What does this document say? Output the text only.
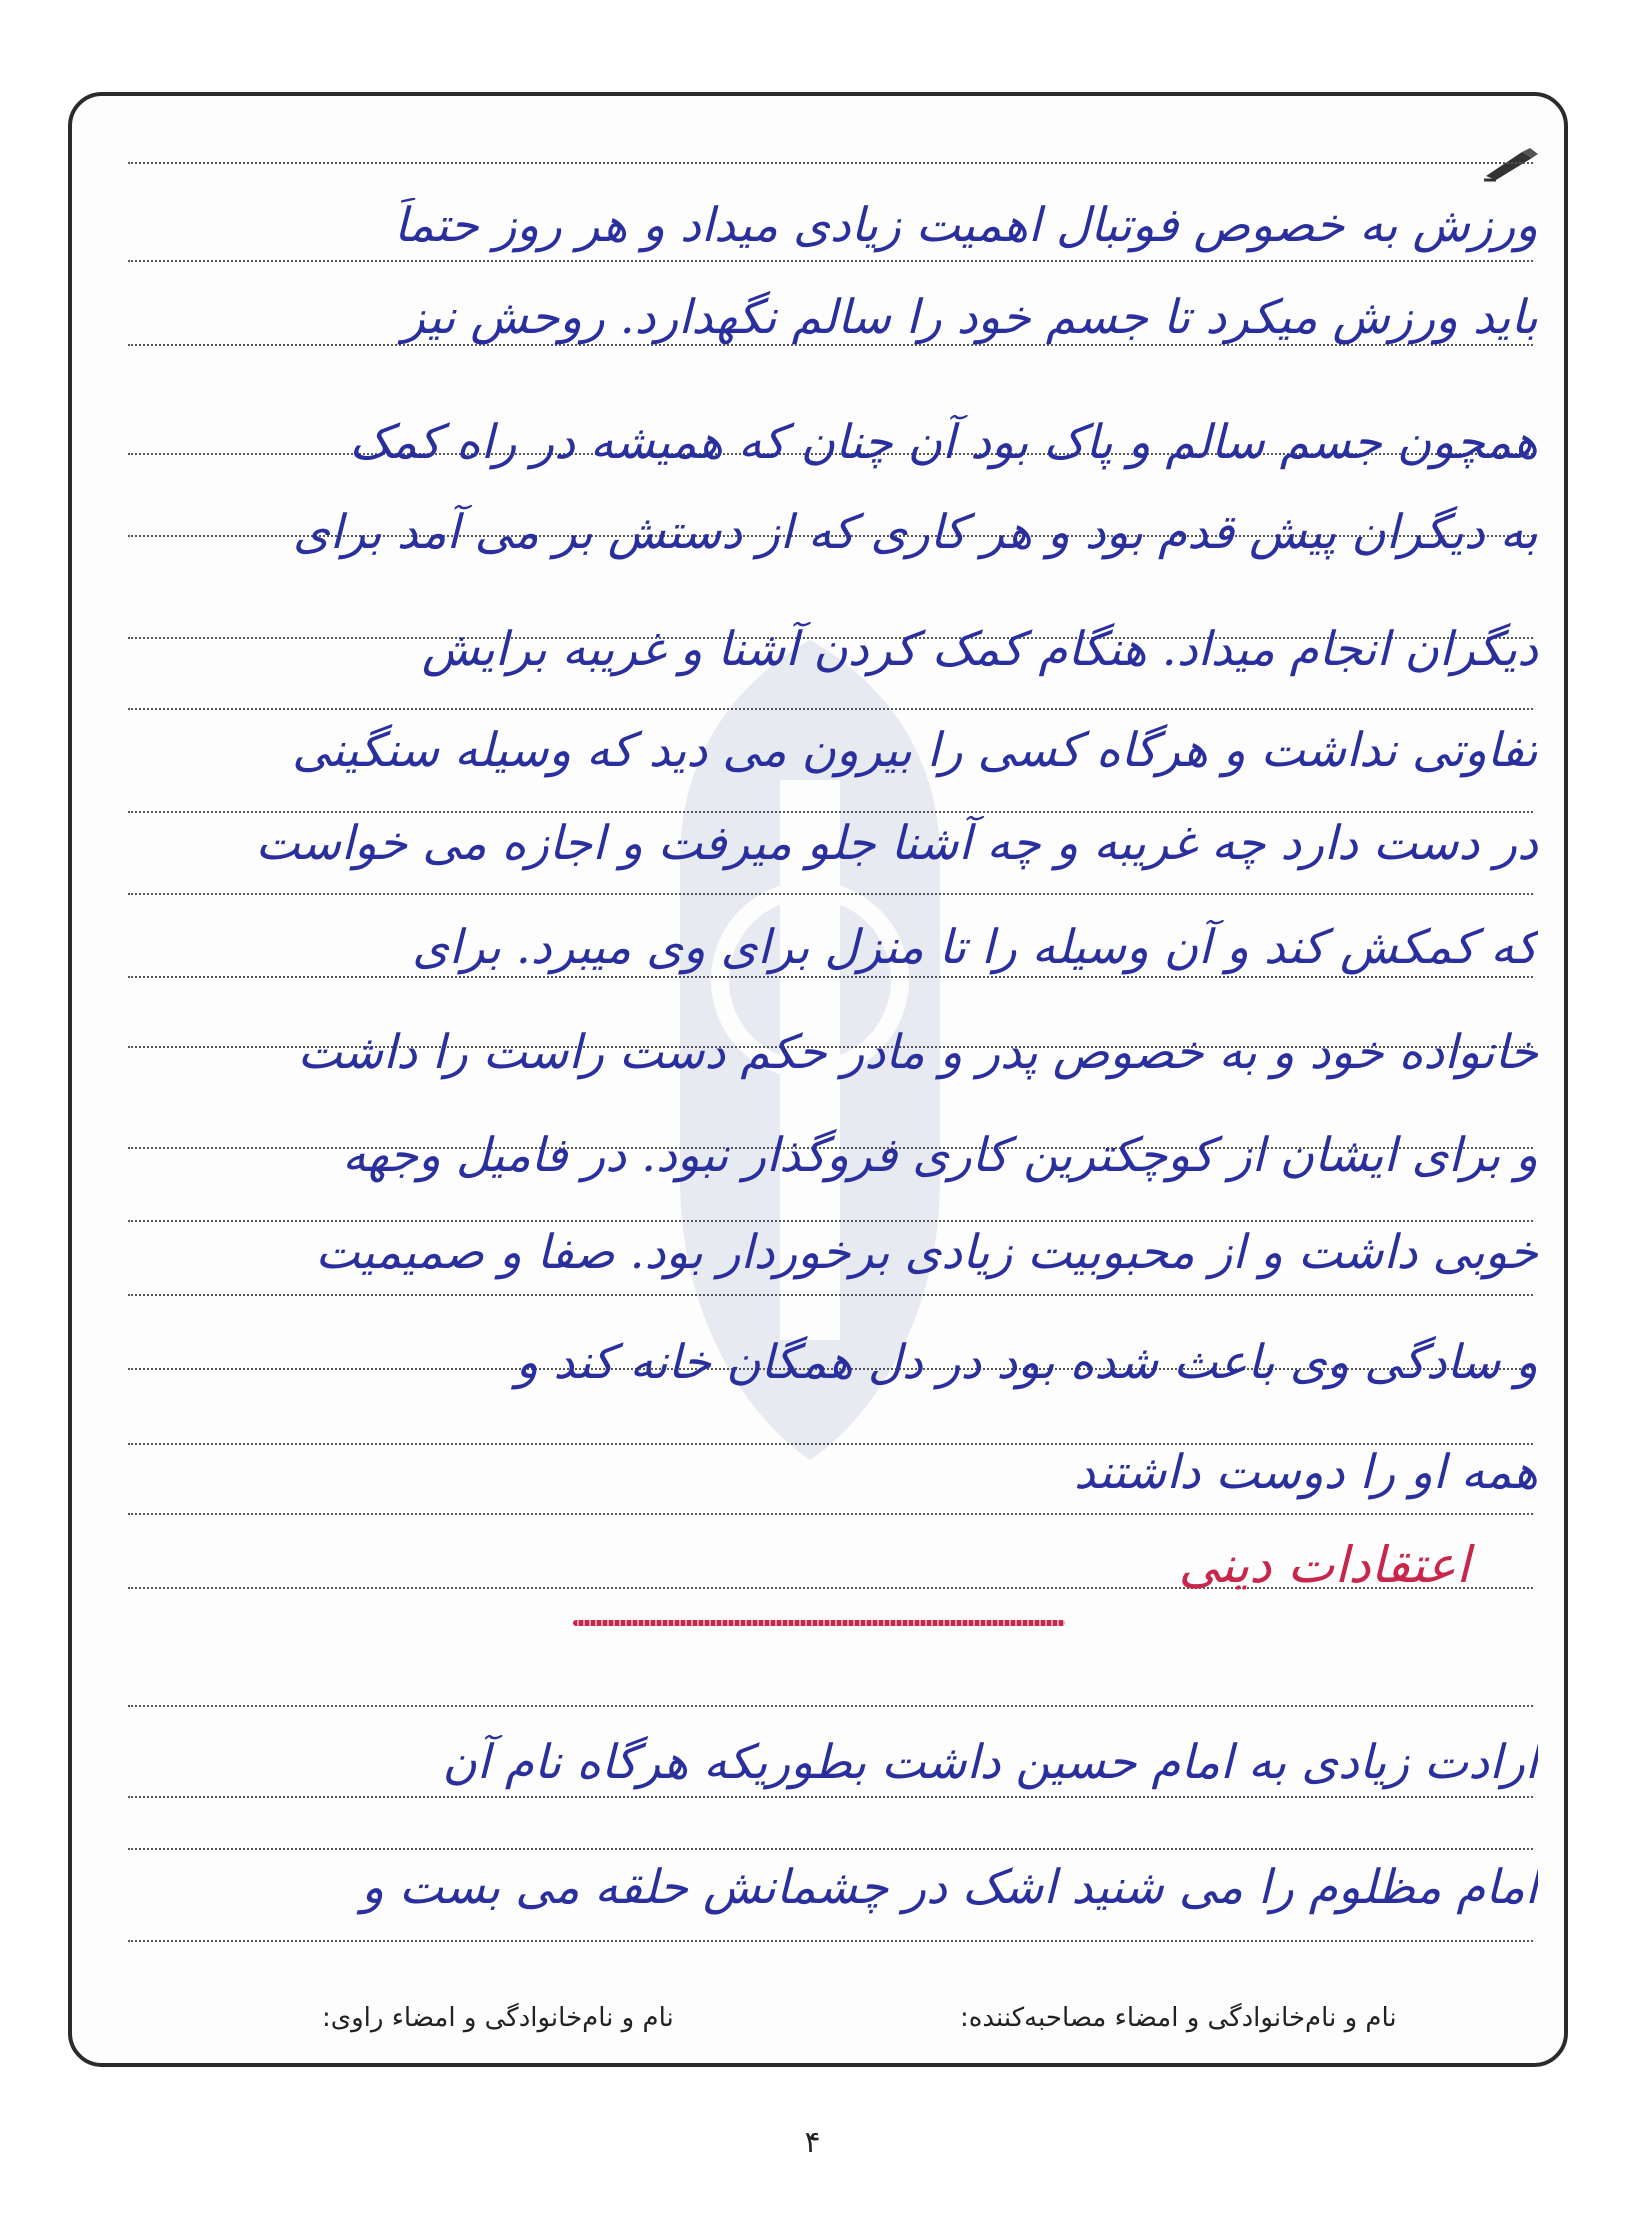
ورزش به خصوص فوتبال اهمیت زیادی میداد و هر روز حتماً
باید ورزش میکرد تا جسم خود را سالم نگهدارد. روحش نیز
همچون جسم سالم و پاک بود آن چنان که همیشه در راه کمک
به دیگران پیش قدم بود و هر کاری که از دستش بر می آمد برای
دیگران انجام میداد. هنگام کمک کردن آشنا و غریبه برایش
تفاوتی نداشت و هرگاه کسی را بیرون می دید که وسیله سنگینی
در دست دارد چه غریبه و چه آشنا جلو میرفت و اجازه می خواست
که کمکش کند و آن وسیله را تا منزل برای وی میبرد. برای
خانواده خود و به خصوص پدر و مادر حکم دست راست را داشت
و برای ایشان از کوچکترین کاری فروگذار نبود. در فامیل وجهه
خوبی داشت و از محبوبیت زیادی برخوردار بود. صفا و صمیمیت
و سادگی وی باعث شده بود در دل همگان خانه کند و
همه او را دوست داشتند
اعتقادات دینی
ارادت زیادی به امام حسین داشت بطوریکه هرگاه نام آن
امام مظلوم را می شنید اشک در چشمانش حلقه می بست و
نام و نام‌خانوادگی و امضاء مصاحبه‌کننده:
نام و نام‌خانوادگی و امضاء راوی:
۴
